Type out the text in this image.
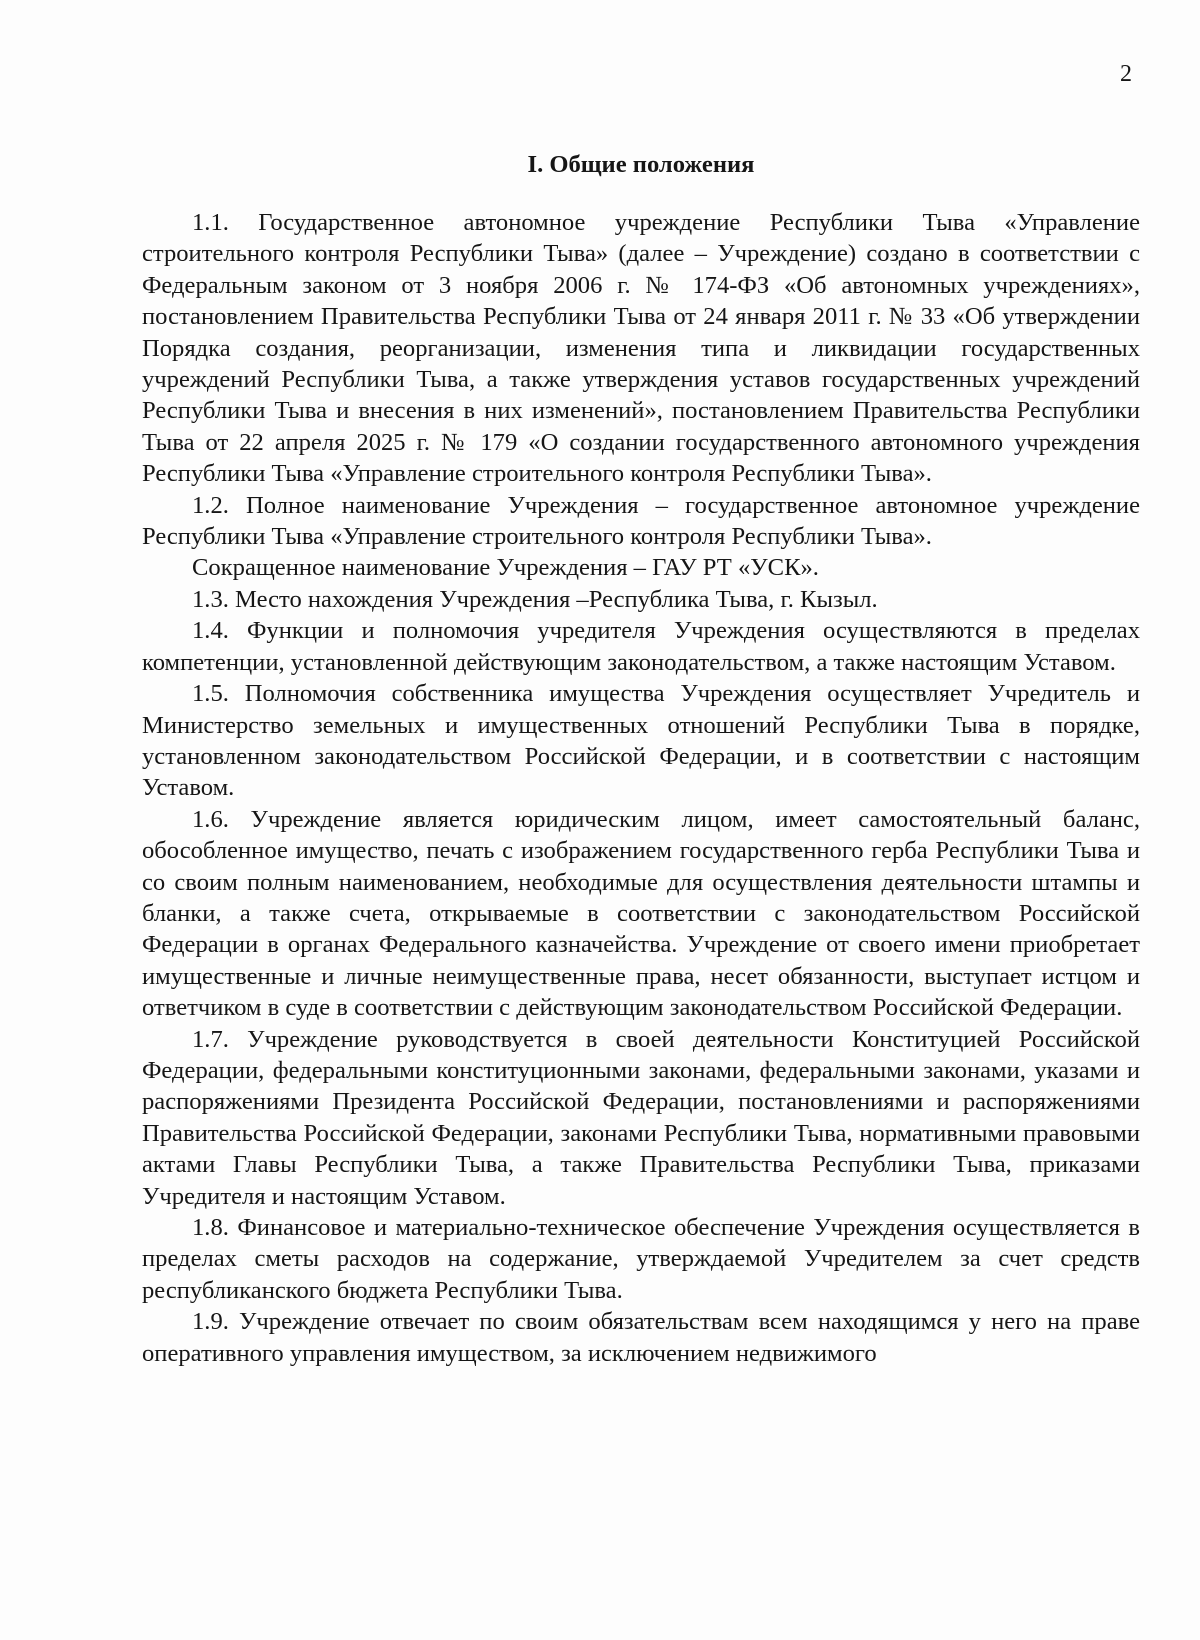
2
I. Общие положения

1.1. Государственное автономное учреждение Республики Тыва «Управление строительного контроля Республики Тыва» (далее – Учреждение) создано в соответствии с Федеральным законом от 3 ноября 2006 г. № 174-ФЗ «Об автономных учреждениях», постановлением Правительства Республики Тыва от 24 января 2011 г. № 33 «Об утверждении Порядка создания, реорганизации, изменения типа и ликвидации государственных учреждений Республики Тыва, а также утверждения уставов государственных учреждений Республики Тыва и внесения в них изменений», постановлением Правительства Республики Тыва от 22 апреля 2025 г. № 179 «О создании государственного автономного учреждения Республики Тыва «Управление строительного контроля Республики Тыва».

1.2. Полное наименование Учреждения – государственное автономное учреждение Республики Тыва «Управление строительного контроля Республики Тыва».

Сокращенное наименование Учреждения – ГАУ РТ «УСК».

1.3. Место нахождения Учреждения –Республика Тыва, г. Кызыл.

1.4. Функции и полномочия учредителя Учреждения осуществляются в пределах компетенции, установленной действующим законодательством, а также настоящим Уставом.

1.5. Полномочия собственника имущества Учреждения осуществляет Учредитель и Министерство земельных и имущественных отношений Республики Тыва в порядке, установленном законодательством Российской Федерации, и в соответствии с настоящим Уставом.

1.6. Учреждение является юридическим лицом, имеет самостоятельный баланс, обособленное имущество, печать с изображением государственного герба Республики Тыва и со своим полным наименованием, необходимые для осуществления деятельности штампы и бланки, а также счета, открываемые в соответствии с законодательством Российской Федерации в органах Федерального казначейства. Учреждение от своего имени приобретает имущественные и личные неимущественные права, несет обязанности, выступает истцом и ответчиком в суде в соответствии с действующим законодательством Российской Федерации.

1.7. Учреждение руководствуется в своей деятельности Конституцией Российской Федерации, федеральными конституционными законами, федеральными законами, указами и распоряжениями Президента Российской Федерации, постановлениями и распоряжениями Правительства Российской Федерации, законами Республики Тыва, нормативными правовыми актами Главы Республики Тыва, а также Правительства Республики Тыва, приказами Учредителя и настоящим Уставом.

1.8. Финансовое и материально-техническое обеспечение Учреждения осуществляется в пределах сметы расходов на содержание, утверждаемой Учредителем за счет средств республиканского бюджета Республики Тыва.

1.9. Учреждение отвечает по своим обязательствам всем находящимся у него на праве оперативного управления имуществом, за исключением недвижимого
